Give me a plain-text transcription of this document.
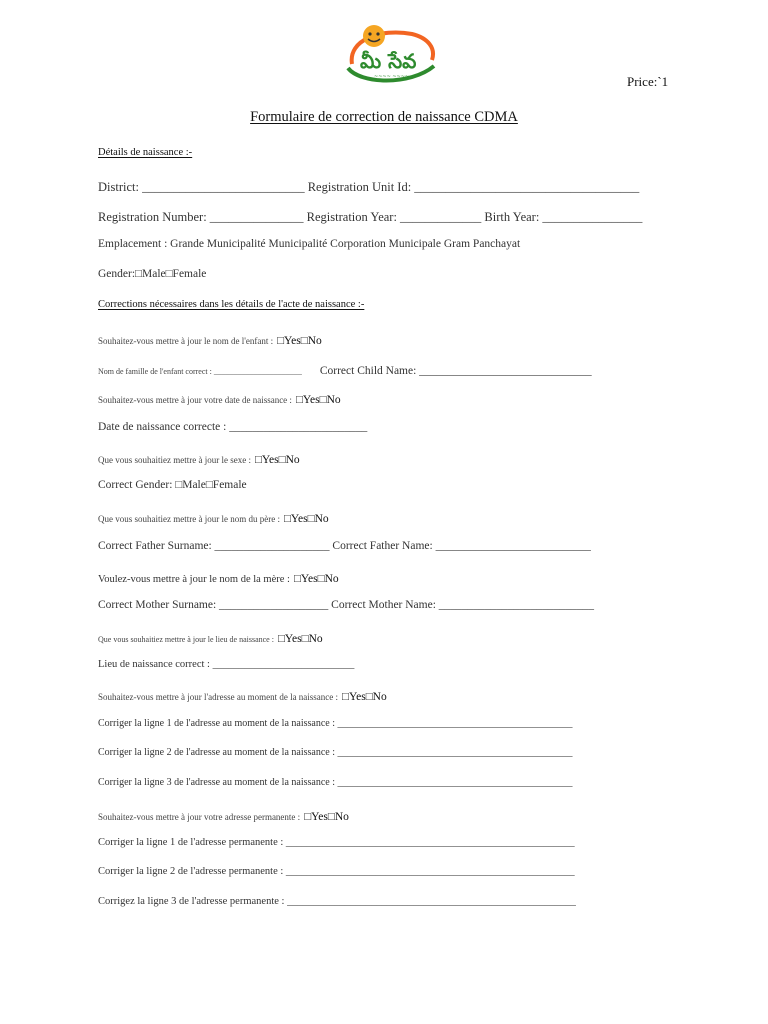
మీ సేవ
~~~~ ~~~~	Price:`1
Formulaire de correction de naissance CDMA
Détails de naissance :-
District: __________________________ Registration Unit Id: ____________________________________
Registration Number: _______________ Registration Year: _____________ Birth Year: ________________
Emplacement : Grande Municipalité Municipalité Corporation Municipale Gram Panchayat
Gender:□Male□Female
Corrections nécessaires dans les détails de l'acte de naissance :-
Souhaitez-vous mettre à jour le nom de l'enfant : □Yes□No
Nom de famille de l'enfant correct : ______________________ Correct Child Name: ______________________________
Souhaitez-vous mettre à jour votre date de naissance : □Yes□No
Date de naissance correcte : ________________________
Que vous souhaitiez mettre à jour le sexe : □Yes□No
Correct Gender: □Male□Female
Que vous souhaitiez mettre à jour le nom du père : □Yes□No
Correct Father Surname: ____________________ Correct Father Name: ___________________________
Voulez-vous mettre à jour le nom de la mère : □Yes□No
Correct Mother Surname: ___________________ Correct Mother Name: ___________________________
Que vous souhaitiez mettre à jour le lieu de naissance : □Yes□No
Lieu de naissance correct : ___________________________
Souhaitez-vous mettre à jour l'adresse au moment de la naissance : □Yes□No
Corriger la ligne 1 de l'adresse au moment de la naissance : _______________________________________________
Corriger la ligne 2 de l'adresse au moment de la naissance : _______________________________________________
Corriger la ligne 3 de l'adresse au moment de la naissance : _______________________________________________
Souhaitez-vous mettre à jour votre adresse permanente : □Yes□No
Corriger la ligne 1 de l'adresse permanente : _______________________________________________________
Corriger la ligne 2 de l'adresse permanente : _______________________________________________________
Corrigez la ligne 3 de l'adresse permanente : _______________________________________________________
